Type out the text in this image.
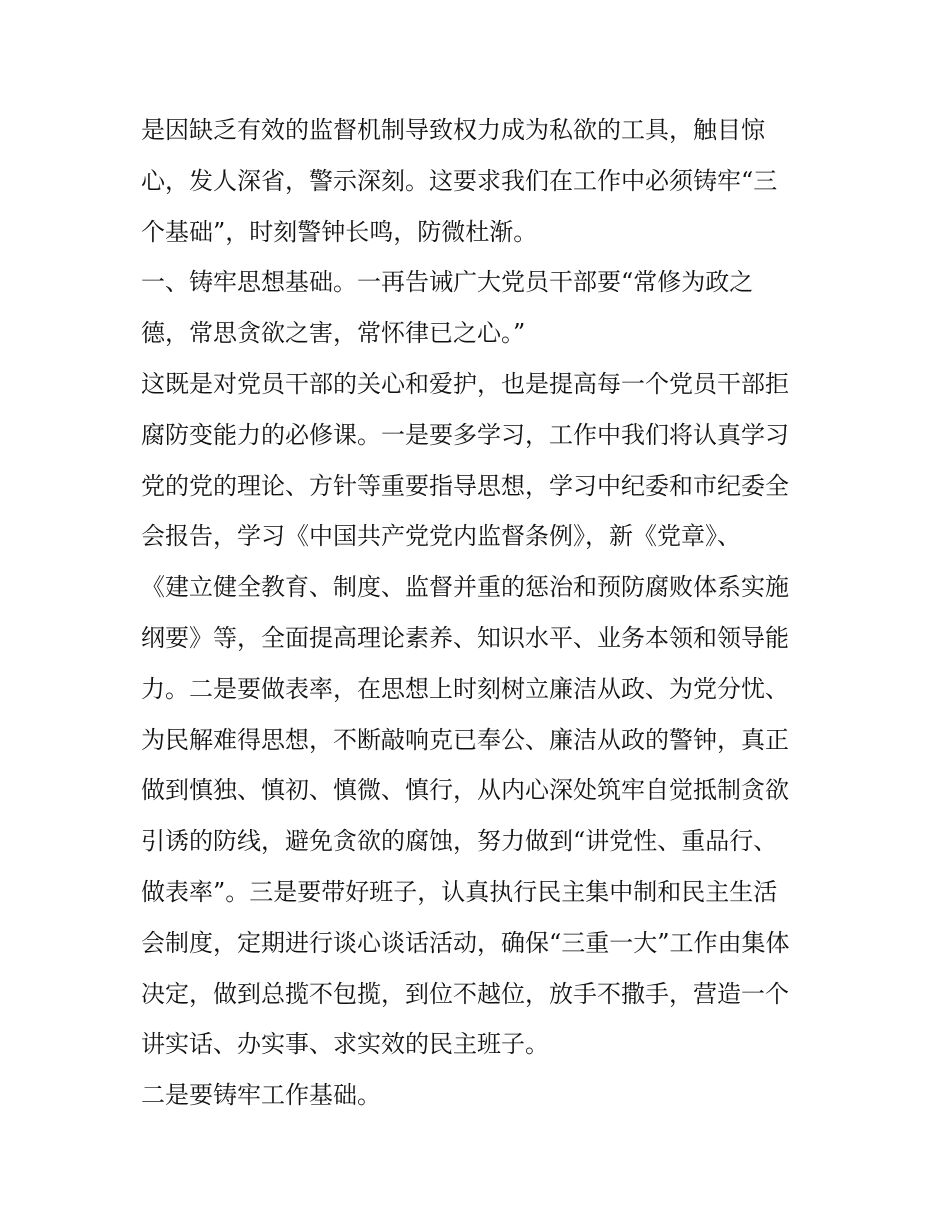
是因缺乏有效的监督机制导致权力成为私欲的工具，触目惊
心，发人深省，警示深刻。这要求我们在工作中必须铸牢“三
个基础”，时刻警钟长鸣，防微杜渐。
一、铸牢思想基础。一再告诫广大党员干部要“常修为政之
德，常思贪欲之害，常怀律已之心。”
这既是对党员干部的关心和爱护，也是提高每一个党员干部拒
腐防变能力的必修课。一是要多学习，工作中我们将认真学习
党的党的理论、方针等重要指导思想，学习中纪委和市纪委全
会报告，学习《中国共产党党内监督条例》，新《党章》、
《建立健全教育、制度、监督并重的惩治和预防腐败体系实施
纲要》等，全面提高理论素养、知识水平、业务本领和领导能
力。二是要做表率，在思想上时刻树立廉洁从政、为党分忧、
为民解难得思想，不断敲响克已奉公、廉洁从政的警钟，真正
做到慎独、慎初、慎微、慎行，从内心深处筑牢自觉抵制贪欲
引诱的防线，避免贪欲的腐蚀，努力做到“讲党性、重品行、
做表率”。三是要带好班子，认真执行民主集中制和民主生活
会制度，定期进行谈心谈话活动，确保“三重一大”工作由集体
决定，做到总揽不包揽，到位不越位，放手不撒手，营造一个
讲实话、办实事、求实效的民主班子。
二是要铸牢工作基础。
